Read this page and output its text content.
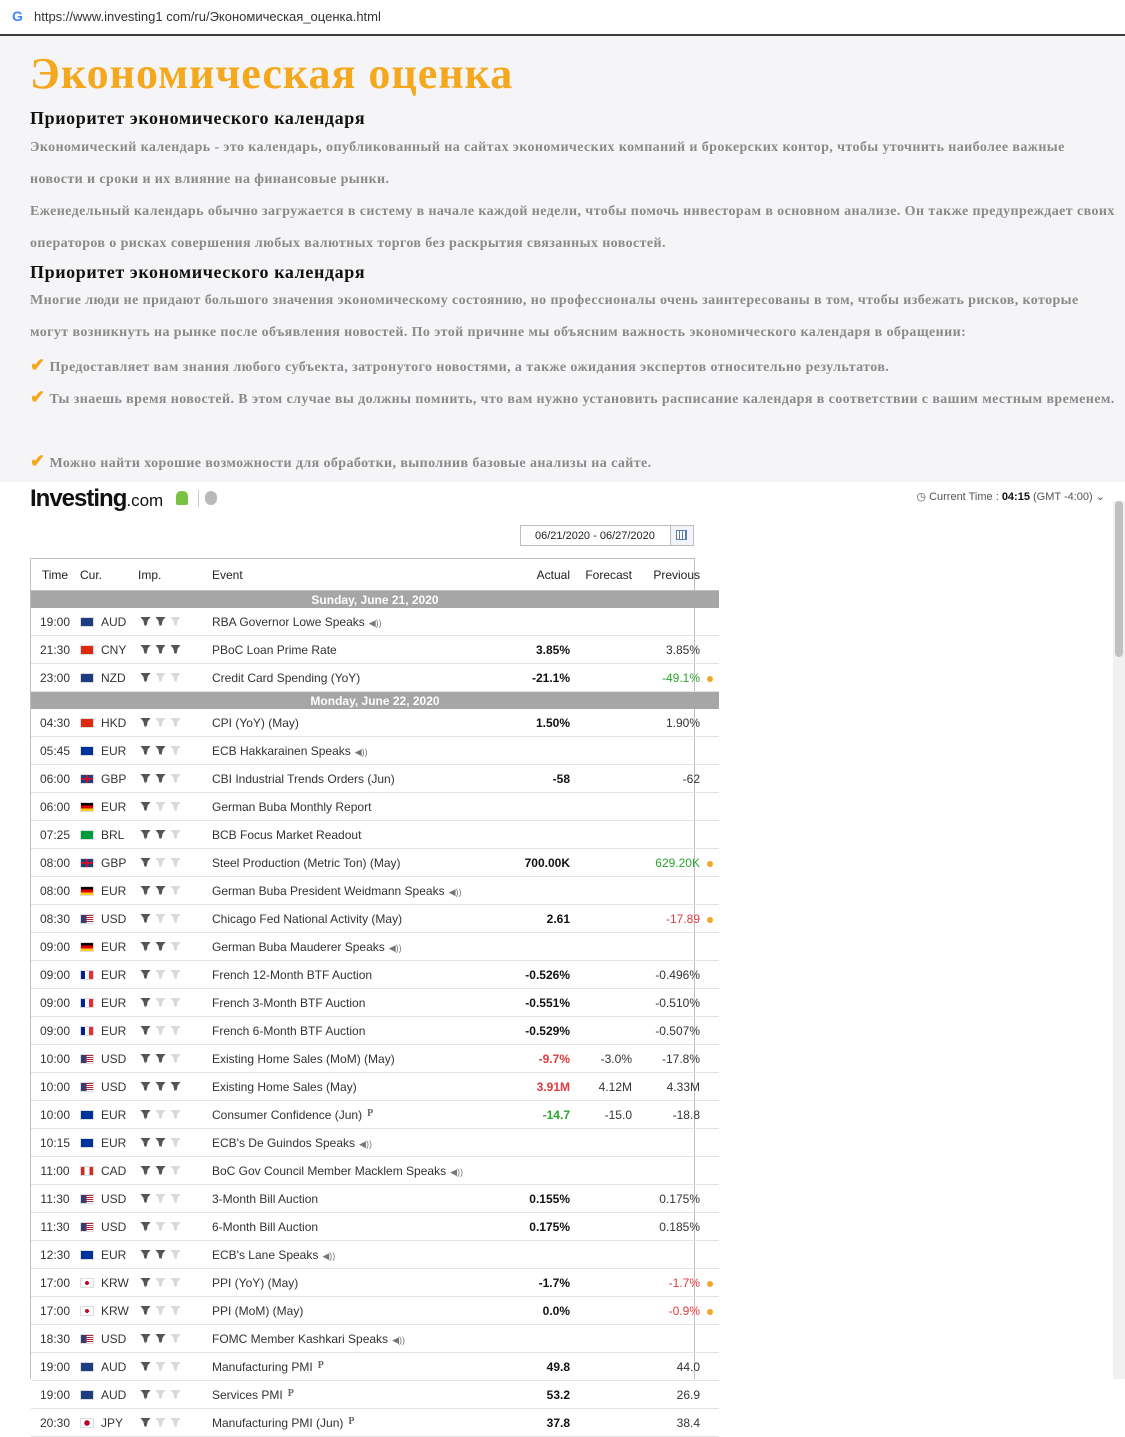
G https://www.investing1 com/ru/Экономическая_оценка.html
Экономическая оценка
Приоритет экономического календаря

Экономический календарь - это календарь, опубликованный на сайтах экономических компаний и брокерских контор, чтобы уточнить наиболее важные новости и сроки и их влияние на финансовые рынки.

Еженедельный календарь обычно загружается в систему в начале каждой недели, чтобы помочь инвесторам в основном анализе. Он также предупреждает своих операторов о рисках совершения любых валютных торгов без раскрытия связанных новостей.

Приоритет экономического календаря

Многие люди не придают большого значения экономическому состоянию, но профессионалы очень заинтересованы в том, чтобы избежать рисков, которые могут возникнуть на рынке после объявления новостей. По этой причине мы объясним важность экономического календаря в обращении:

✔ Предоставляет вам знания любого субъекта, затронутого новостями, а также ожидания экспертов относительно результатов.

✔ Ты знаешь время новостей. В этом случае вы должны помнить, что вам нужно установить расписание календаря в соответствии с вашим местным временем.

✔ Можно найти хорошие возможности для обработки, выполнив базовые анализы на сайте.

Investing.com	◷ Current Time : 04:15 (GMT -4:00) ⌄
06/21/2020 - 06/27/2020
Time	Cur.	Imp.	Event	Actual	Forecast	Previous	
Sunday, June 21, 2020							
19:00	AUD		RBA Governor Lowe Speaks ◀))				
21:30	CNY		PBoC Loan Prime Rate	3.85%		3.85%	
23:00	NZD		Credit Card Spending (YoY)	-21.1%		-49.1%	
Monday, June 22, 2020							
04:30	HKD		CPI (YoY) (May)	1.50%		1.90%	
05:45	EUR		ECB Hakkarainen Speaks ◀))				
06:00	GBP		CBI Industrial Trends Orders (Jun)	-58		-62	
06:00	EUR		German Buba Monthly Report				
07:25	BRL		BCB Focus Market Readout				
08:00	GBP		Steel Production (Metric Ton) (May)	700.00K		629.20K	
08:00	EUR		German Buba President Weidmann Speaks ◀))				
08:30	USD		Chicago Fed National Activity (May)	2.61		-17.89	
09:00	EUR		German Buba Mauderer Speaks ◀))				
09:00	EUR		French 12-Month BTF Auction	-0.526%		-0.496%	
09:00	EUR		French 3-Month BTF Auction	-0.551%		-0.510%	
09:00	EUR		French 6-Month BTF Auction	-0.529%		-0.507%	
10:00	USD		Existing Home Sales (MoM) (May)	-9.7%	-3.0%	-17.8%	
10:00	USD		Existing Home Sales (May)	3.91M	4.12M	4.33M	
10:00	EUR		Consumer Confidence (Jun) P	-14.7	-15.0	-18.8	
10:15	EUR		ECB's De Guindos Speaks ◀))				
11:00	CAD		BoC Gov Council Member Macklem Speaks ◀))				
11:30	USD		3-Month Bill Auction	0.155%		0.175%	
11:30	USD		6-Month Bill Auction	0.175%		0.185%	
12:30	EUR		ECB's Lane Speaks ◀))				
17:00	KRW		PPI (YoY) (May)	-1.7%		-1.7%	
17:00	KRW		PPI (MoM) (May)	0.0%		-0.9%	
18:30	USD		FOMC Member Kashkari Speaks ◀))				
19:00	AUD		Manufacturing PMI P	49.8		44.0	
19:00	AUD		Services PMI P	53.2		26.9	
20:30	JPY		Manufacturing PMI (Jun) P	37.8		38.4	
